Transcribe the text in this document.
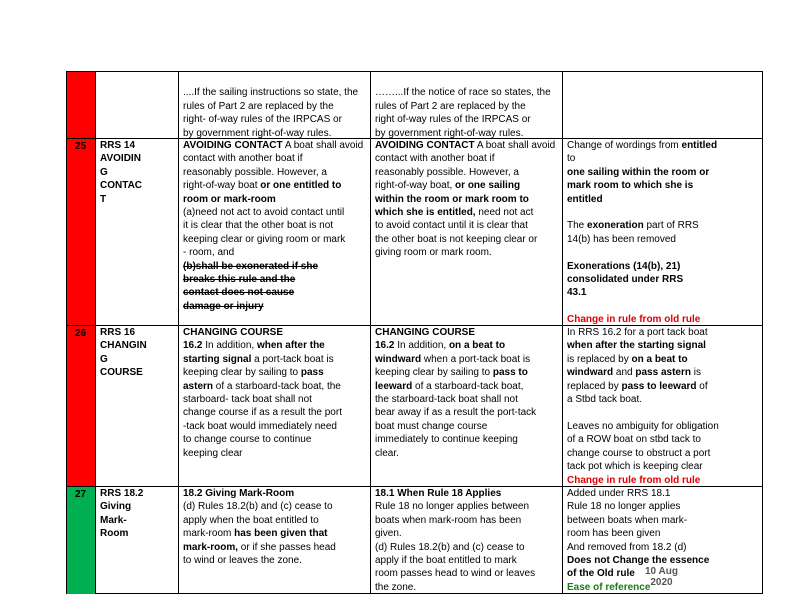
....If the sailing instructions so state, the
rules of Part 2 are replaced by the
right- of-way rules of the IRPCAS or
by government right-of-way rules.

……...If the notice of race so states, the
rules of Part 2 are replaced by the
right of-way rules of the IRPCAS or
by government right-of-way rules.

25 RRS 14
AVOIDIN
G
CONTAC
T
AVOIDING CONTACT A boat shall avoid
contact with another boat if
reasonably possible. However, a
right-of-way boat or one entitled to
room or mark-room
(a)need not act to avoid contact until
it is clear that the other boat is not
keeping clear or giving room or mark
- room, and
(b)shall be exonerated if she
breaks this rule and the
contact does not cause
damage or injury
AVOIDING CONTACT A boat shall avoid
contact with another boat if
reasonably possible. However, a
right-of-way boat, or one sailing
within the room or mark room to
which she is entitled, need not act
to avoid contact until it is clear that
the other boat is not keeping clear or
giving room or mark room.
Change of wordings from entitled
to
one sailing within the room or
mark room to which she is
entitled

The exoneration part of RRS
14(b) has been removed

Exonerations (14(b), 21)
consolidated under RRS
43.1
Change in rule from old rule
26 RRS 16
CHANGIN
G
COURSE
CHANGING COURSE
16.2 In addition, when after the
starting signal a port-tack boat is
keeping clear by sailing to pass
astern of a starboard-tack boat, the
starboard- tack boat shall not
change course if as a result the port
-tack boat would immediately need
to change course to continue
keeping clear
CHANGING COURSE
16.2 In addition, on a beat to
windward when a port-tack boat is
keeping clear by sailing to pass to
leeward of a starboard-tack boat,
the starboard-tack boat shall not
bear away if as a result the port-tack
boat must change course
immediately to continue keeping
clear.
In RRS 16.2 for a port tack boat
when after the starting signal
is replaced by on a beat to
windward and pass astern is
replaced by pass to leeward of
a Stbd tack boat.

Leaves no ambiguity for obligation
of a ROW boat on stbd tack to
change course to obstruct a port
tack pot which is keeping clear
Change in rule from old rule
27 RRS 18.2
Giving
Mark-
Room
18.2 Giving Mark-Room
(d) Rules 18.2(b) and (c) cease to
apply when the boat entitled to
mark-room has been given that
mark-room, or if she passes head
to wind or leaves the zone.
18.1 When Rule 18 Applies
Rule 18 no longer applies between
boats when mark-room has been
given.
(d) Rules 18.2(b) and (c) cease to
apply if the boat entitled to mark
room passes head to wind or leaves
the zone.
Added under RRS 18.1
Rule 18 no longer applies
between boats when mark-
room has been given
And removed from 18.2 (d)
Does not Change the essence
of the Old rule
Ease of reference
10 Aug
2020
